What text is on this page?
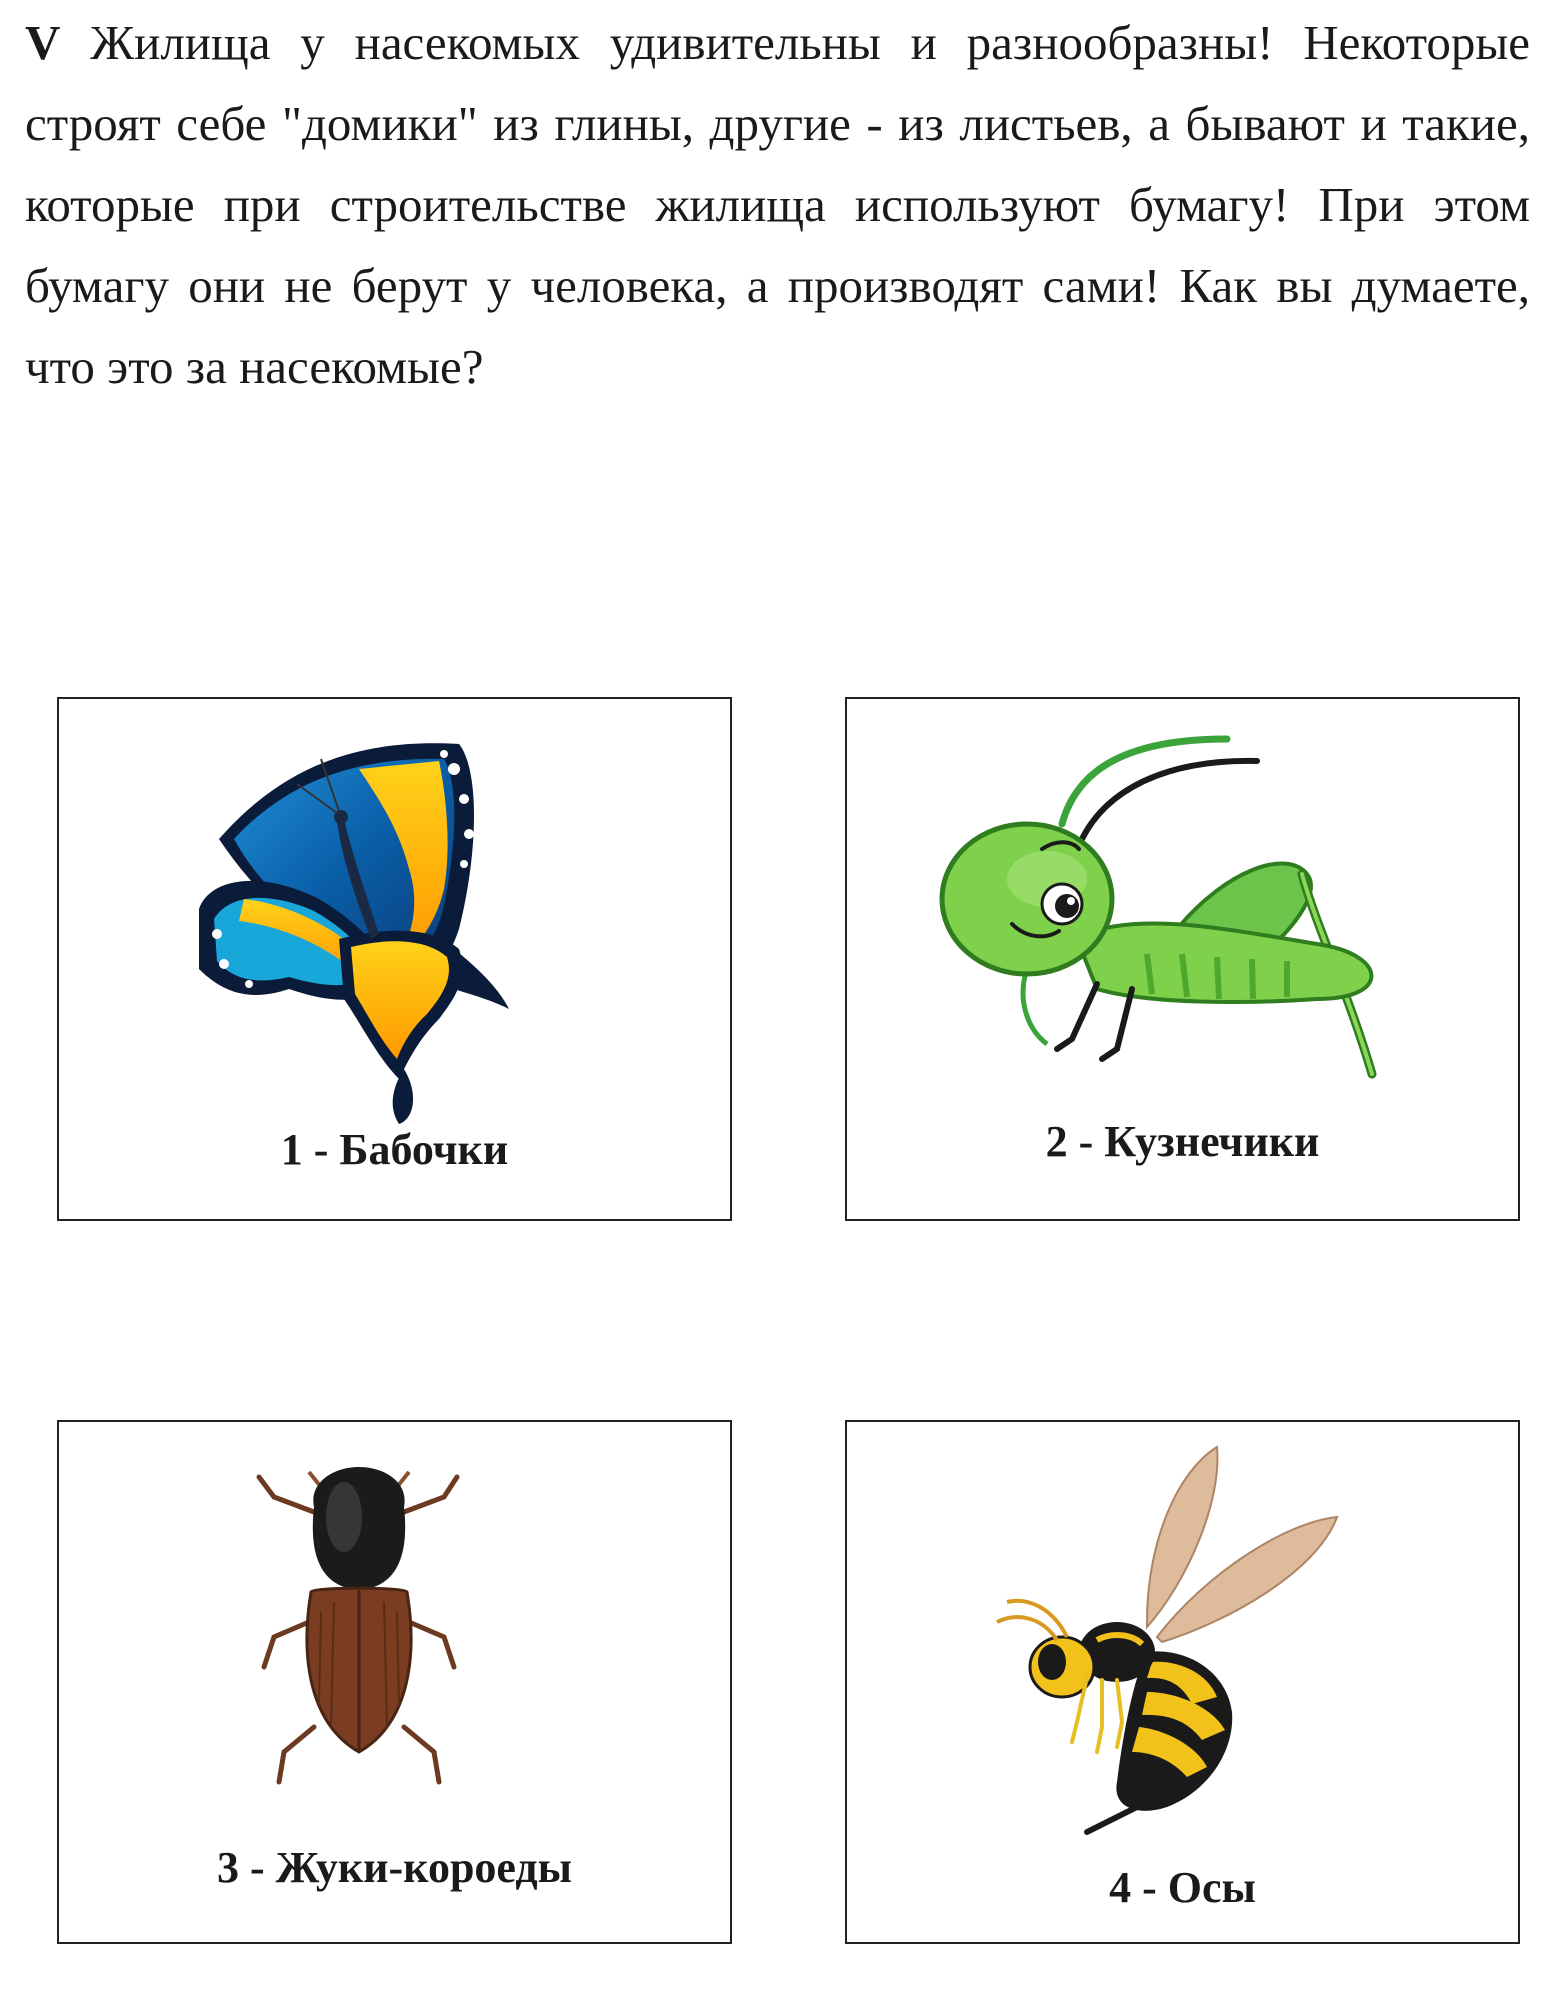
V Жилища у насекомых удивительны и разнообразны! Некоторые строят себе "домики" из глины, другие - из листьев, а бывают и такие, которые при строительстве жилища используют бумагу! При этом бумагу они не берут у человека, а производят сами! Как вы думаете, что это за насекомые?

1 - Бабочки	2 - Кузнечики
3 - Жуки-короеды	4 - Осы
